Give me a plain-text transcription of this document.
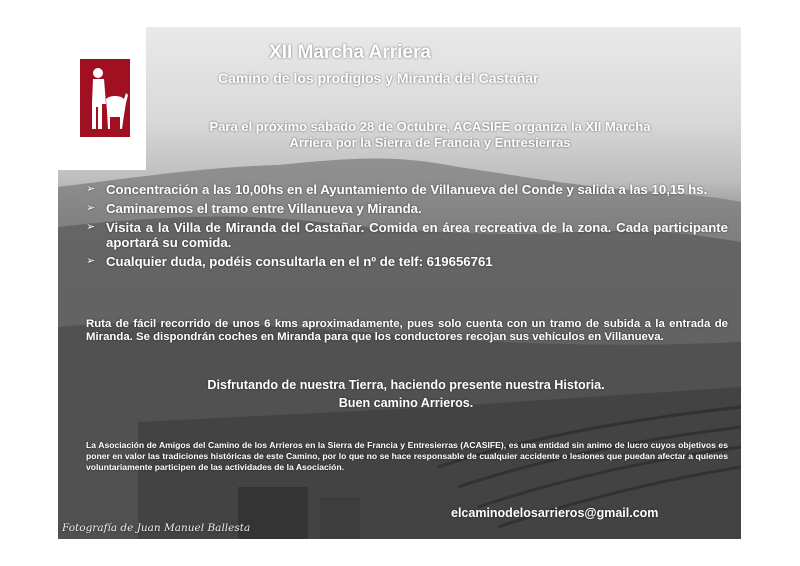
XII Marcha Arriera
Camino de los prodigios y Miranda del Castañar
Para el próximo sábado 28 de Octubre, ACASIFE organiza la XII Marcha
Arriera por la Sierra de Francia y Entresierras
➢ Concentración a las 10,00hs en el Ayuntamiento de Villanueva del Conde y salida a las 10,15 hs.
➢ Caminaremos el tramo entre Villanueva y Miranda.
➢ Visita a la Villa de Miranda del Castañar. Comida en área recreativa de la zona. Cada participante aportará su comida.
➢ Cualquier duda, podéis consultarla en el nº de telf: 619656761
Ruta de fácil recorrido de unos 6 kms aproximadamente, pues solo cuenta con un tramo de subida a la entrada de Miranda. Se dispondrán coches en Miranda para que los conductores recojan sus vehículos en Villanueva.
Disfrutando de nuestra Tierra, haciendo presente nuestra Historia.
Buen camino Arrieros.
La Asociación de Amigos del Camino de los Arrieros en la Sierra de Francia y Entresierras (ACASIFE), es una entidad sin animo de lucro cuyos objetivos es poner en valor las tradiciones históricas de este Camino, por lo que no se hace responsable de cualquier accidente o lesiones que puedan afectar a quienes voluntariamente participen de las actividades de la Asociación.
elcaminodelosarrieros@gmail.com
Fotografía de Juan Manuel Ballesta
